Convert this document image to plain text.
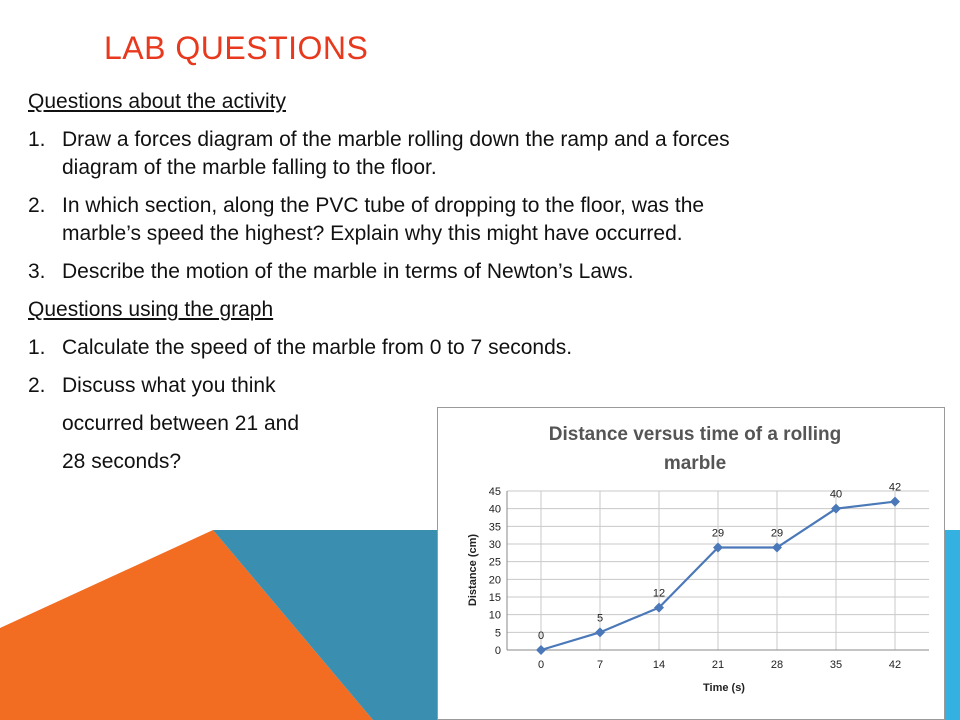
LAB QUESTIONS
Questions about the activity
1. Draw a forces diagram of the marble rolling down the ramp and a forces
diagram of the marble falling to the floor.
2. In which section, along the PVC tube of dropping to the floor, was the
marble’s speed the highest? Explain why this might have occurred.
3. Describe the motion of the marble in terms of Newton’s Laws.
Questions using the graph
1. Calculate the speed of the marble from 0 to 7 seconds.
2. Discuss what you think
occurred between 21 and
28 seconds?
Distance versus time of a rolling
marble
0
5
10
15
20
25
30
35
40
45
0	7	14	21	28	35	42
0
5
12
29	29
40
42
Time (s)
Distance (cm)
